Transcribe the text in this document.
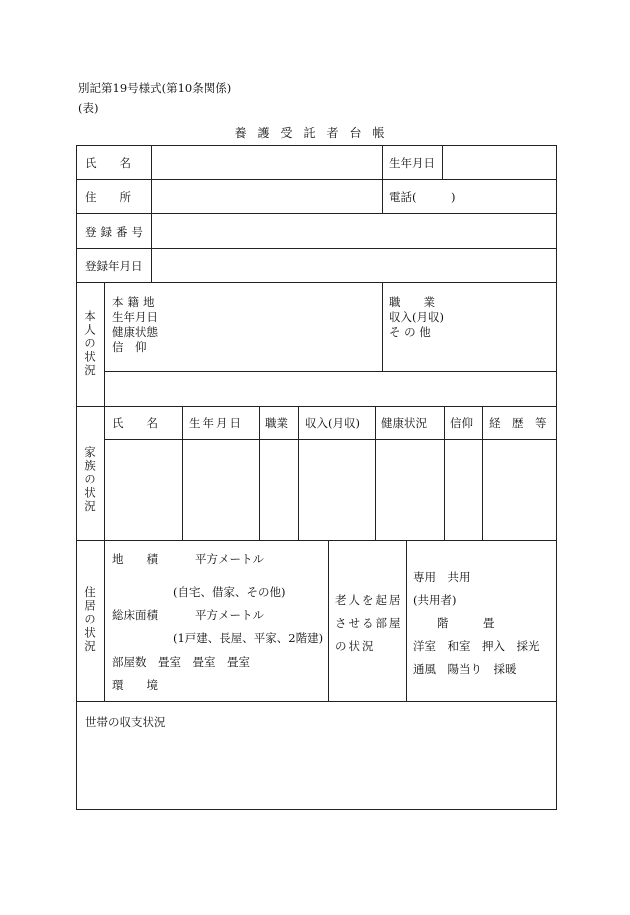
別記第19号様式(第10条関係)
(表)
養護受託者台帳
氏　　名	生年月日
住　　所	電話(　　　)
登録番号
登録年月日
本人の状況
本籍地
生年月日
健康状態
信　仰
職　　業
収入(月収)
そ の 他
家族の状況
氏　　名	生年月日 職業 収入(月収) 健康状況 信仰 経　歴　等
住居の状況
地　　積	平方メートル
(自宅、借家、その他)
総床面積	平方メートル
(1戸建、長屋、平家、2階建)
部屋数　畳室　畳室　畳室
環　　境
老人を起居
させる部屋
の状況
専用　共用
(共用者)
階　　　畳
洋室　和室　押入　採光
通風　陽当り　採暖
世帯の収支状況
